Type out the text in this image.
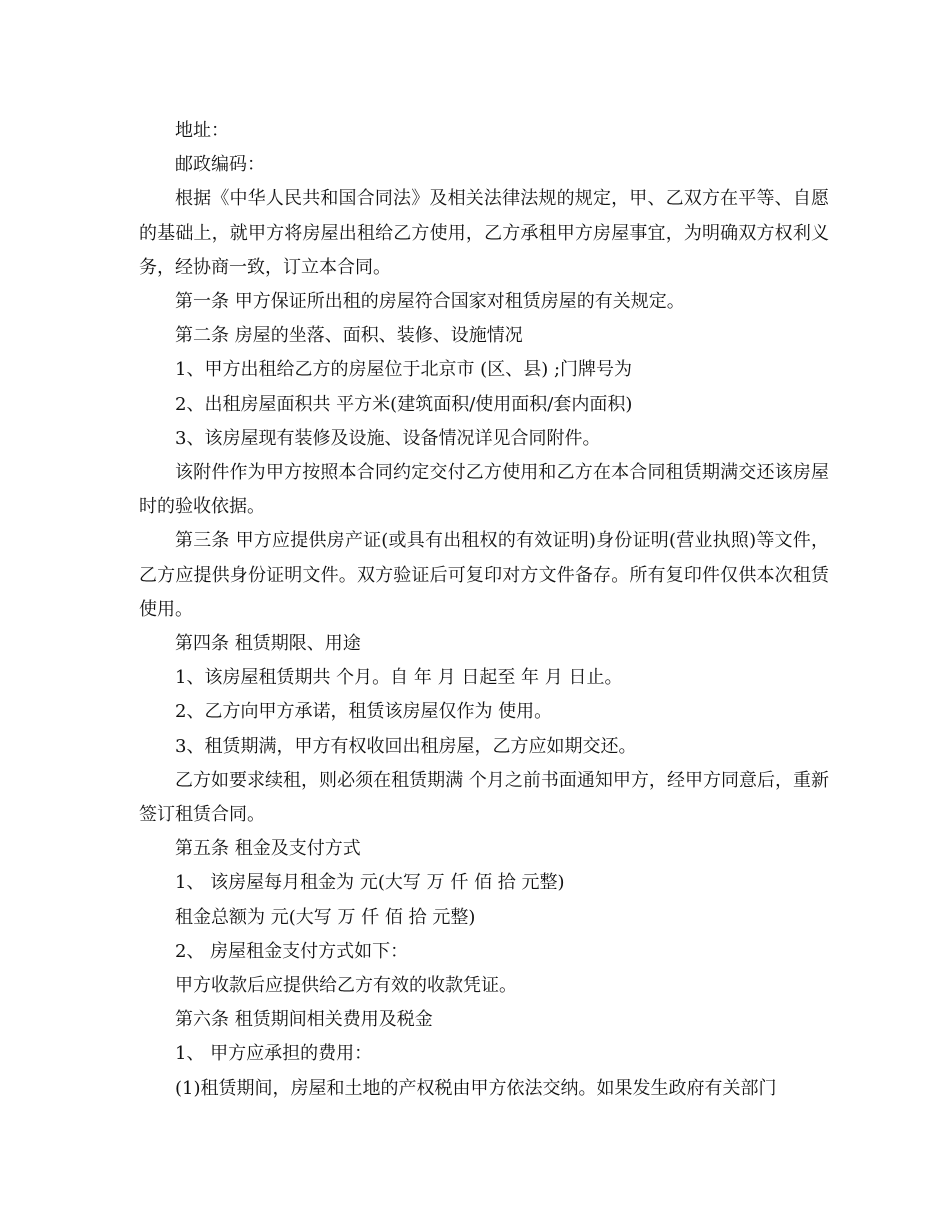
地址：

邮政编码：

根据《中华人民共和国合同法》及相关法律法规的规定，甲、乙双方在平等、自愿的基础上，就甲方将房屋出租给乙方使用，乙方承租甲方房屋事宜，为明确双方权利义务，经协商一致，订立本合同。

第一条 甲方保证所出租的房屋符合国家对租赁房屋的有关规定。

第二条 房屋的坐落、面积、装修、设施情况

1、甲方出租给乙方的房屋位于北京市 (区、县) ;门牌号为

2、出租房屋面积共 平方米(建筑面积/使用面积/套内面积)

3、该房屋现有装修及设施、设备情况详见合同附件。

该附件作为甲方按照本合同约定交付乙方使用和乙方在本合同租赁期满交还该房屋时的验收依据。

第三条 甲方应提供房产证(或具有出租权的有效证明)身份证明(营业执照)等文件，乙方应提供身份证明文件。双方验证后可复印对方文件备存。所有复印件仅供本次租赁使用。

第四条 租赁期限、用途

1、该房屋租赁期共 个月。自 年 月 日起至 年 月 日止。

2、乙方向甲方承诺，租赁该房屋仅作为 使用。

3、租赁期满，甲方有权收回出租房屋，乙方应如期交还。

乙方如要求续租，则必须在租赁期满 个月之前书面通知甲方，经甲方同意后，重新签订租赁合同。

第五条 租金及支付方式

1、 该房屋每月租金为 元(大写 万 仟 佰 拾 元整)

租金总额为 元(大写 万 仟 佰 拾 元整)

2、 房屋租金支付方式如下：

甲方收款后应提供给乙方有效的收款凭证。

第六条 租赁期间相关费用及税金

1、 甲方应承担的费用：

(1)租赁期间，房屋和土地的产权税由甲方依法交纳。如果发生政府有关部门
